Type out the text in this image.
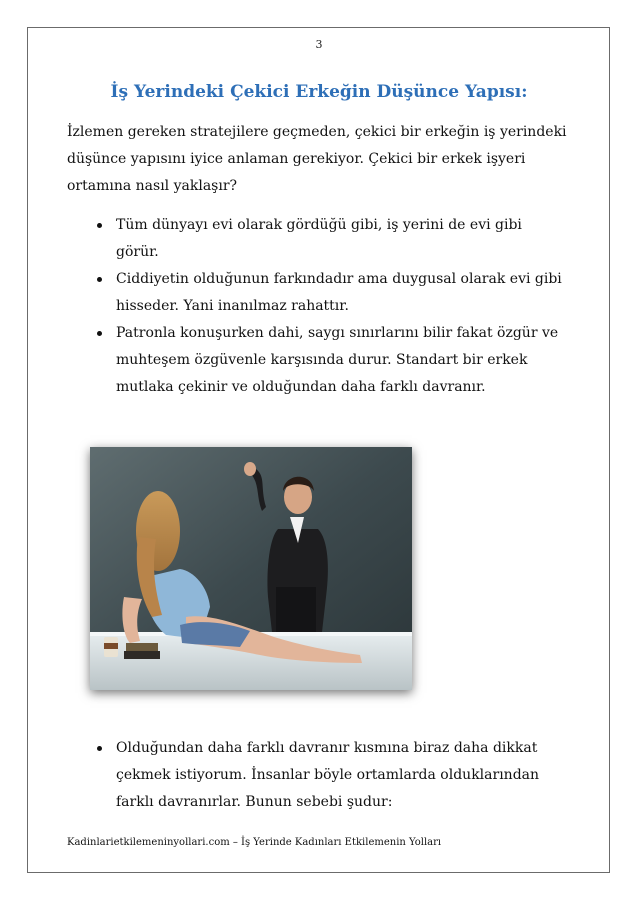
3
İş Yerindeki Çekici Erkeğin Düşünce Yapısı:
İzlemen gereken stratejilere geçmeden, çekici bir erkeğin iş yerindeki düşünce yapısını iyice anlaman gerekiyor. Çekici bir erkek işyeri ortamına nasıl yaklaşır?
Tüm dünyayı evi olarak gördüğü gibi, iş yerini de evi gibi görür.
Ciddiyetin olduğunun farkındadır ama duygusal olarak evi gibi hisseder. Yani inanılmaz rahattır.
Patronla konuşurken dahi, saygı sınırlarını bilir fakat özgür ve muhteşem özgüvenle karşısında durur. Standart bir erkek mutlaka çekinir ve olduğundan daha farklı davranır.
Olduğundan daha farklı davranır kısmına biraz daha dikkat çekmek istiyorum. İnsanlar böyle ortamlarda olduklarından farklı davranırlar. Bunun sebebi şudur:
Kadinlarietkilemeninyollari.com – İş Yerinde Kadınları Etkilemenin Yolları
